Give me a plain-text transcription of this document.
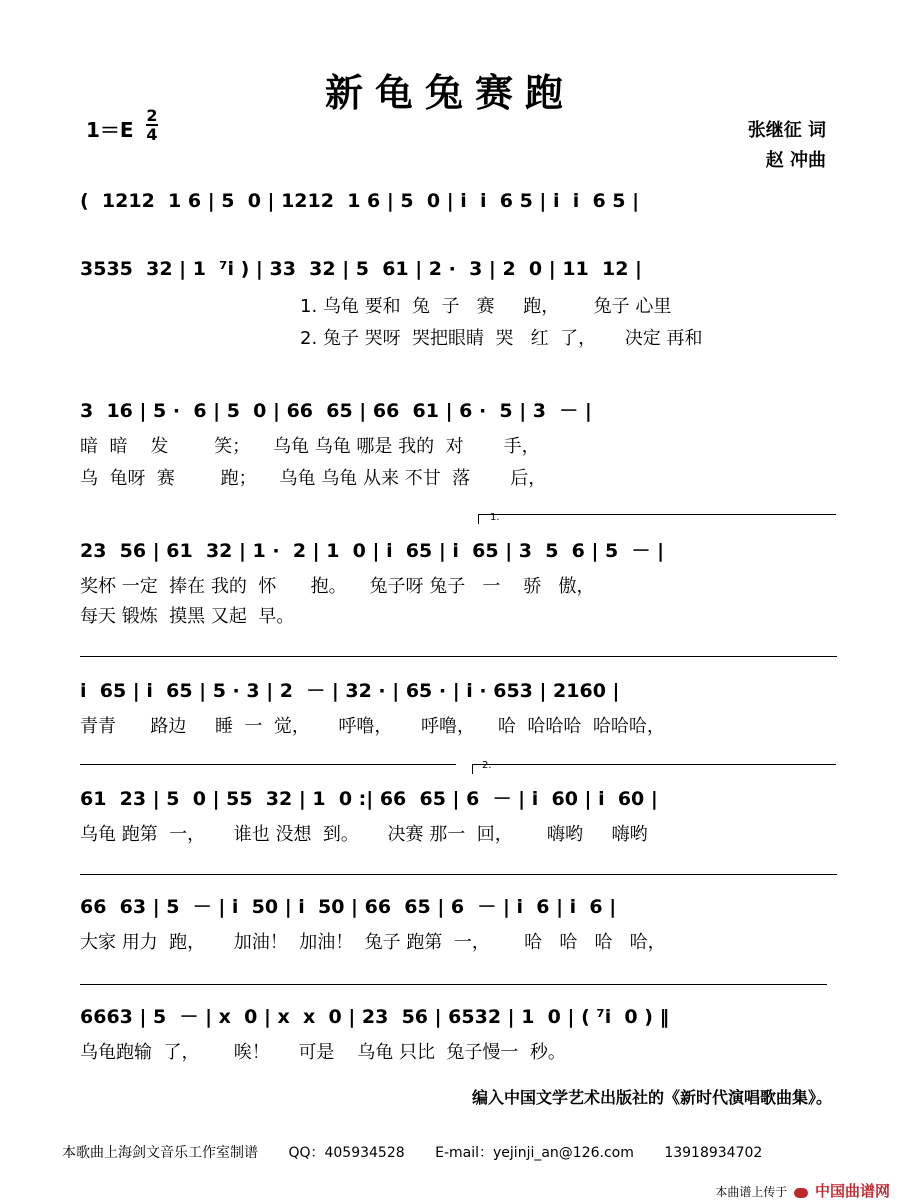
新龟兔赛跑
1＝E
2
4	张继征 词
赵 冲曲
(  1212  1 6 | 5  0 | 1212  1 6 | 5  0 | i  i  6 5 | i  i  6 5 |
3535  32 | 1  ⁷i ) | 33  32 | 5  61 | 2 ·  3 | 2  0 | 11  12 |
1. 乌龟 要和  兔  子   赛     跑，      兔子 心里
2. 兔子 哭呀  哭把眼睛  哭   红  了，     决定 再和
3  16 | 5 ·  6 | 5  0 | 66  65 | 66  61 | 6 ·  5 | 3  － |
暗  暗    发        笑；    乌龟 乌龟 哪是 我的  对       手，
乌  龟呀  赛        跑；    乌龟 乌龟 从来 不甘  落       后，
1.
23  56 | 61  32 | 1 ·  2 | 1  0 | i  65 | i  65 | 3  5  6 | 5  － |
奖杯 一定  捧在 我的  怀      抱。    兔子呀 兔子   一    骄   傲，
每天 锻炼  摸黑 又起  早。
i  65 | i  65 | 5 · 3 | 2  － | 32 · | 65 · | i · 653 | 2160 |
青青      路边     睡  一  觉，     呼噜，     呼噜，    哈  哈哈哈  哈哈哈，
2.
61  23 | 5  0 | 55  32 | 1  0 :| 66  65 | 6  － | i  60 | i  60 |
乌龟 跑第  一，     谁也 没想  到。     决赛 那一  回，      嗨哟     嗨哟
66  63 | 5  － | i  50 | i  50 | 66  65 | 6  － | i  6 | i  6 |
大家 用力  跑，     加油！  加油！  兔子 跑第  一，      哈   哈   哈   哈，
6663 | 5  － | x  0 | x  x  0 | 23  56 | 6532 | 1  0 | ( ⁷i  0 ) ‖
乌龟跑输  了，      唉！     可是    乌龟 只比  兔子慢一  秒。
编入中国文学艺术出版社的《新时代演唱歌曲集》。
本歌曲上海剑文音乐工作室制谱 QQ：405934528 E-mail：yejinji_an@126.com 13918934702
本曲谱上传于 中国曲谱网
